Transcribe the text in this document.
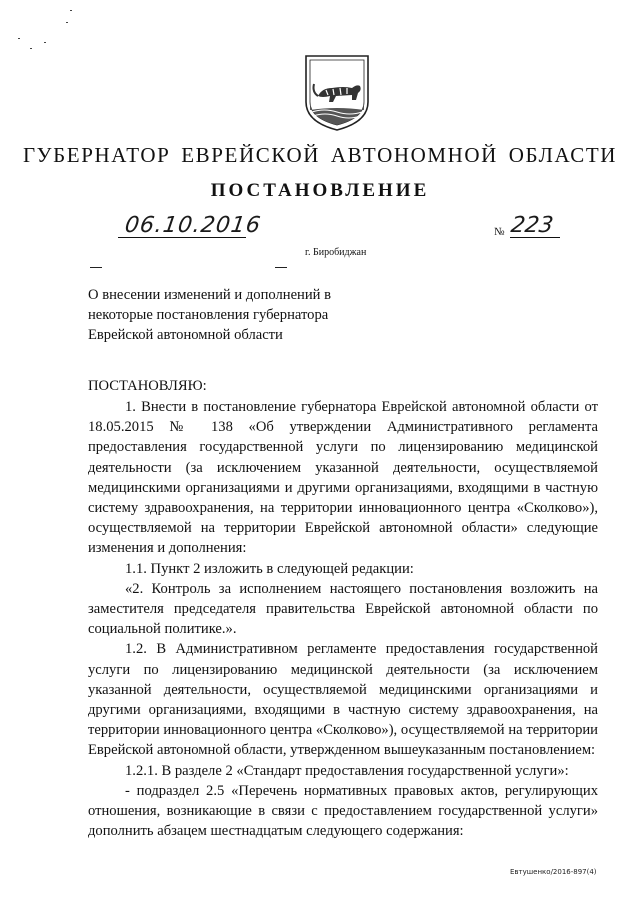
ГУБЕРНАТОР ЕВРЕЙСКОЙ АВТОНОМНОЙ ОБЛАСТИ
ПОСТАНОВЛЕНИЕ
06.10.2016	№ 223
г. Биробиджан
О внесении изменений и дополнений в
некоторые постановления губернатора
Еврейской автономной области
ПОСТАНОВЛЯЮ:

1. Внести в постановление губернатора Еврейской автономной области от 18.05.2015 № 138 «Об утверждении Административного регламента предоставления государственной услуги по лицензированию медицинской деятельности (за исключением указанной деятельности, осуществляемой медицинскими организациями и другими организациями, входящими в частную систему здравоохранения, на территории инновационного центра «Сколково»), осуществляемой на территории Еврейской автономной области» следующие изменения и дополнения:

1.1. Пункт 2 изложить в следующей редакции:

«2. Контроль за исполнением настоящего постановления возложить на заместителя председателя правительства Еврейской автономной области по социальной политике.».

1.2. В Административном регламенте предоставления государственной услуги по лицензированию медицинской деятельности (за исключением указанной деятельности, осуществляемой медицинскими организациями и другими организациями, входящими в частную систему здравоохранения, на территории инновационного центра «Сколково»), осуществляемой на территории Еврейской автономной области, утвержденном вышеуказанным постановлением:

1.2.1. В разделе 2 «Стандарт предоставления государственной услуги»:

- подраздел 2.5 «Перечень нормативных правовых актов, регулирующих отношения, возникающие в связи с предоставлением государственной услуги» дополнить абзацем шестнадцатым следующего содержания:

Евтушенко/2016-897(4)
